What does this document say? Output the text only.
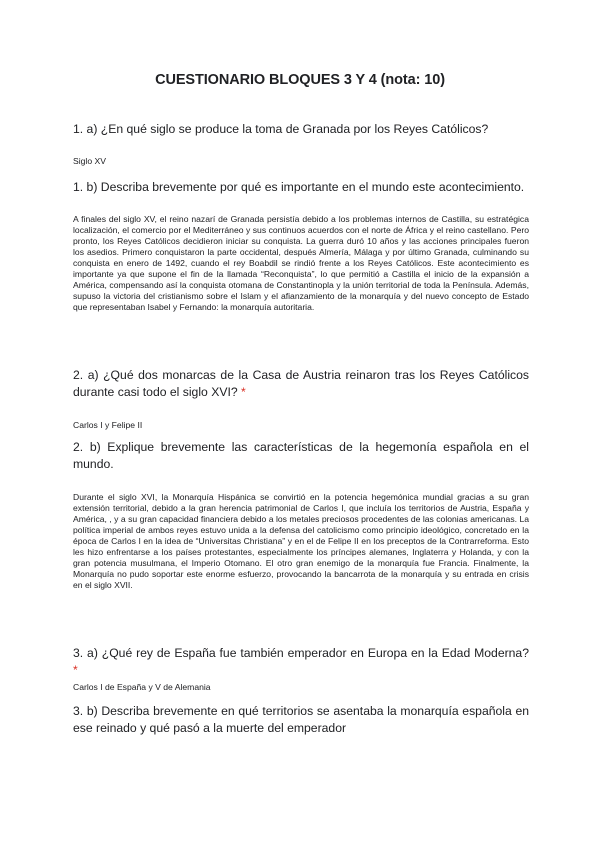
CUESTIONARIO BLOQUES 3 Y 4 (nota: 10)
1. a) ¿En qué siglo se produce la toma de Granada por los Reyes Católicos?
Siglo XV
1. b) Describa brevemente por qué es importante en el mundo este acontecimiento.
A finales del siglo XV, el reino nazarí de Granada persistía debido a los problemas internos de Castilla, su estratégica localización, el comercio por el Mediterráneo y sus continuos acuerdos con el norte de África y el reino castellano. Pero pronto, los Reyes Católicos decidieron iniciar su conquista. La guerra duró 10 años y las acciones principales fueron los asedios. Primero conquistaron la parte occidental, después Almería, Málaga y por último Granada, culminando su conquista en enero de 1492, cuando el rey Boabdil se rindió frente a los Reyes Católicos. Este acontecimiento es importante ya que supone el fin de la llamada “Reconquista”, lo que permitió a Castilla el inicio de la expansión a América, compensando así la conquista otomana de Constantinopla y la unión territorial de toda la Península. Además, supuso la victoria del cristianismo sobre el Islam y el afianzamiento de la monarquía y del nuevo concepto de Estado que representaban Isabel y Fernando: la monarquía autoritaria.
2. a) ¿Qué dos monarcas de la Casa de Austria reinaron tras los Reyes Católicos durante casi todo el siglo XVI? *
Carlos I y Felipe II
2. b) Explique brevemente las características de la hegemonía española en el mundo.
Durante el siglo XVI, la Monarquía Hispánica se convirtió en la potencia hegemónica mundial gracias a su gran extensión territorial, debido a la gran herencia patrimonial de Carlos I, que incluía los territorios de Austria, España y América, , y a su gran capacidad financiera debido a los metales preciosos procedentes de las colonias americanas. La política imperial de ambos reyes estuvo unida a la defensa del catolicismo como principio ideológico, concretado en la época de Carlos I en la idea de “Universitas Christiana” y en el de Felipe II en los preceptos de la Contrarreforma. Esto les hizo enfrentarse a los países protestantes, especialmente los príncipes alemanes, Inglaterra y Holanda, y con la gran potencia musulmana, el Imperio Otomano. El otro gran enemigo de la monarquía fue Francia. Finalmente, la Monarquía no pudo soportar este enorme esfuerzo, provocando la bancarrota de la monarquía y su entrada en crisis en el siglo XVII.
3. a) ¿Qué rey de España fue también emperador en Europa en la Edad Moderna? *
Carlos I de España y V de Alemania
3. b) Describa brevemente en qué territorios se asentaba la monarquía española en ese reinado y qué pasó a la muerte del emperador
